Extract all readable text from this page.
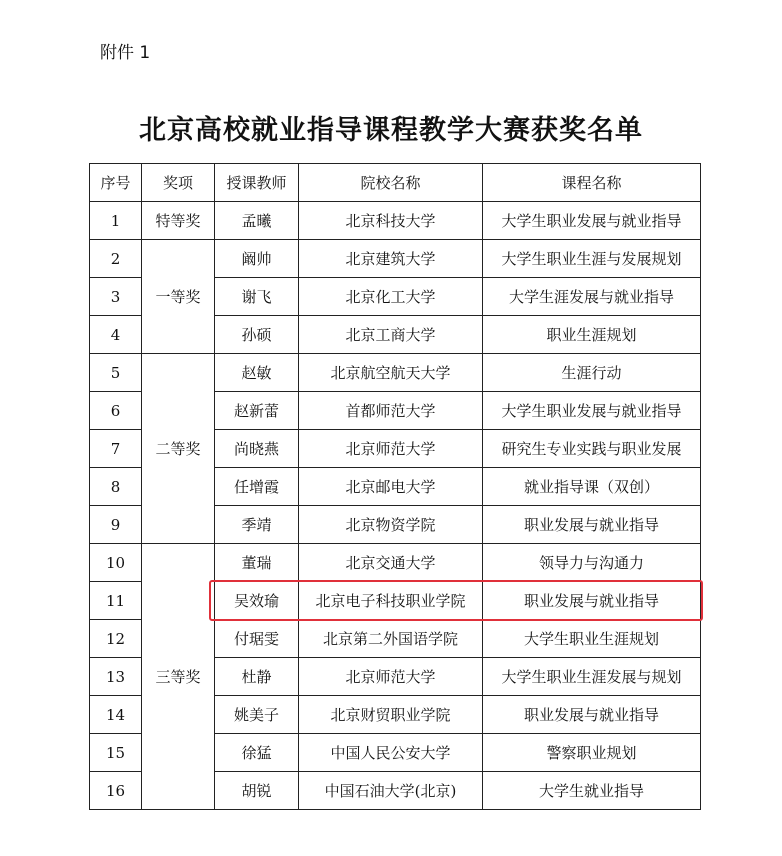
附件 1
北京高校就业指导课程教学大赛获奖名单
序号	奖项	授课教师	院校名称	课程名称
1	特等奖	孟曦	北京科技大学	大学生职业发展与就业指导
2	一等奖	阚帅	北京建筑大学	大学生职业生涯与发展规划
3		谢飞	北京化工大学	大学生涯发展与就业指导
4		孙硕	北京工商大学	职业生涯规划
5	二等奖	赵敏	北京航空航天大学	生涯行动
6		赵新蕾	首都师范大学	大学生职业发展与就业指导
7		尚晓燕	北京师范大学	研究生专业实践与职业发展
8		任增霞	北京邮电大学	就业指导课（双创）
9		季靖	北京物资学院	职业发展与就业指导
10	三等奖	董瑞	北京交通大学	领导力与沟通力
11		吴效瑜	北京电子科技职业学院	职业发展与就业指导
12		付琚雯	北京第二外国语学院	大学生职业生涯规划
13		杜静	北京师范大学	大学生职业生涯发展与规划
14		姚美子	北京财贸职业学院	职业发展与就业指导
15		徐猛	中国人民公安大学	警察职业规划
16		胡锐	中国石油大学(北京)	大学生就业指导
